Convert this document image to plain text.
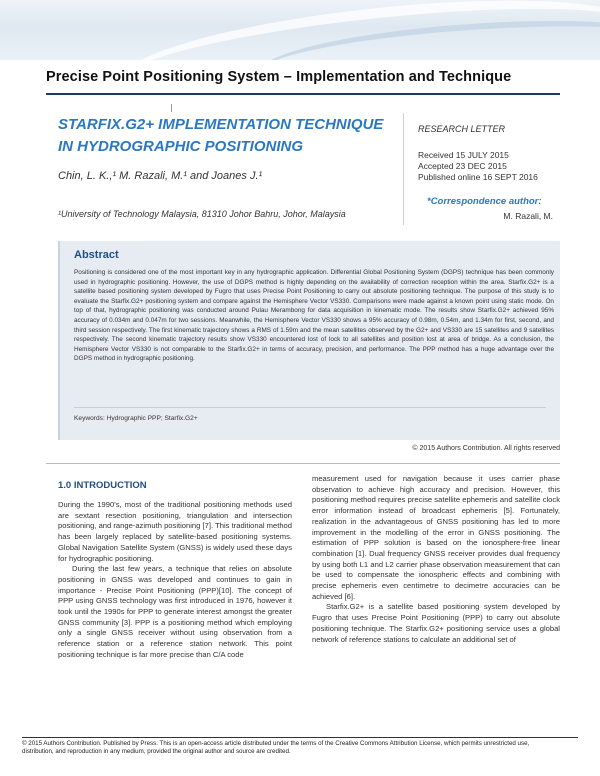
Precise Point Positioning System – Implementation and Technique
STARFIX.G2+ IMPLEMENTATION TECHNIQUE IN HYDROGRAPHIC POSITIONING
Chin, L. K.,¹ M. Razali, M.¹ and Joanes J.¹
¹University of Technology Malaysia, 81310 Johor Bahru, Johor, Malaysia
RESEARCH LETTER
Received 15 JULY 2015
Accepted 23 DEC 2015
Published online 16 SEPT 2016
*Correspondence author:
M. Razali, M.
Abstract
Positioning is considered one of the most important key in any hydrographic application. Differential Global Positioning System (DGPS) technique has been commonly used in hydrographic positioning. However, the use of DGPS method is highly depending on the availability of correction reception within the area. Starfix.G2+ is a satellite based positioning system developed by Fugro that uses Precise Point Positioning to carry out absolute positioning technique. The purpose of this study is to evaluate the Starfix.G2+ positioning system and compare against the Hemisphere Vector VS330. Comparisons were made against a known point using static mode. On top of that, hydrographic positioning was conducted around Pulau Merambong for data acquisition in kinematic mode. The results show Starfix.G2+ achieved 95% accuracy of 0.034m and 0.047m for two sessions. Meanwhile, the Hemisphere Vector VS330 shows a 95% accuracy of 0.98m, 0.54m, and 1.34m for first, second, and third session respectively. The first kinematic trajectory shows a RMS of 1.59m and the mean satellites observed by the G2+ and VS330 are 15 satellites and 9 satellites respectively. The second kinematic trajectory results show VS330 encountered lost of lock to all satellites and position lost at area of bridge. As a conclusion, the Hemisphere Vector VS330 is not comparable to the Starfix.G2+ in terms of accuracy, precision, and performance. The PPP method has a huge advantage over the DGPS method in hydrographic positioning.
Keywords: Hydrographic PPP; Starfix.G2+
© 2015 Authors Contribution. All rights reserved
1.0 INTRODUCTION

During the 1990’s, most of the traditional positioning methods used are sextant resection positioning, triangulation and intersection positioning, and range-azimuth positioning [7]. This traditional method has been largely replaced by satellite-based positioning systems. Global Navigation Satellite System (GNSS) is widely used these days for hydrographic positioning.

During the last few years, a technique that relies on absolute positioning in GNSS was developed and continues to gain in importance - Precise Point Positioning (PPP)[10]. The concept of PPP using GNSS technology was first introduced in 1976, however it took until the 1990s for PPP to generate interest amongst the greater GNSS community [3]. PPP is a positioning method which employing only a single GNSS receiver without using observation from a reference station or a reference station network. This point positioning technique is far more precise than C/A code

measurement used for navigation because it uses carrier phase observation to achieve high accuracy and precision. However, this positioning method requires precise satellite ephemeris and satellite clock error information instead of broadcast ephemeris [5]. Fortunately, realization in the advantageous of GNSS positioning has led to more improvement in the modelling of the error in GNSS positioning. The estimation of PPP solution is based on the ionosphere-free linear combination [1]. Dual frequency GNSS receiver provides dual frequency by using both L1 and L2 carrier phase observation measurement that can be used to compensate the ionospheric effects and combining with precise ephemeris even centimetre to decimetre accuracies can be achieved [6].

Starfix.G2+ is a satellite based positioning system developed by Fugro that uses Precise Point Positioning (PPP) to carry out absolute positioning technique. The Starfix.G2+ positioning service uses a global network of reference stations to calculate an additional set of

© 2015 Authors Contribution. Published by Press. This is an open-access article distributed under the terms of the Creative Commons Attribution License, which permits unrestricted use, distribution, and reproduction in any medium, provided the original author and source are credited.
